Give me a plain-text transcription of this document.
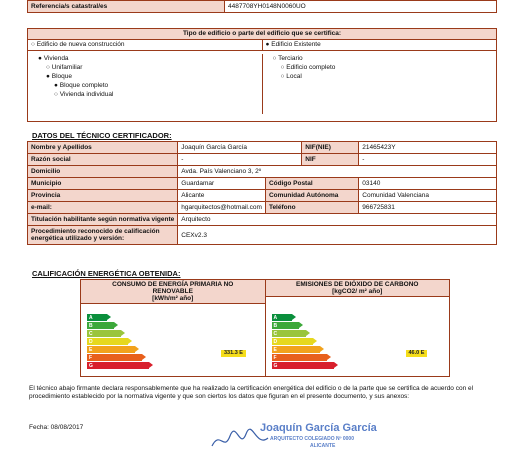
Referencia/s catastral/es	4487708YH0148N0060UO
Tipo de edificio o parte del edificio que se certifica:
○ Edificio de nueva construcción	● Edificio Existente
● Vivienda
○ Unifamiliar
● Bloque
● Bloque completo
○ Vivienda individual
○ Terciario
○ Edificio completo
○ Local
DATOS DEL TÉCNICO CERTIFICADOR:
Nombre y Apellidos	Joaquín García García		NIF(NIE)	21465423Y
Razón social	-		NIF	-
Domicilio	Avda. País Valenciano 3, 2º			
Municipio	Guardamar	Código Postal		03140
Provincia	Alicante	Comunidad Autónoma		Comunidad Valenciana
e-mail:	hgarquitectos@hotmail.com	Teléfono		966725831
Titulación habilitante según normativa vigente	Arquitecto			
Procedimiento reconocido de calificación energética utilizado y versión:	CEXv2.3			
CALIFICACIÓN ENERGÉTICA OBTENIDA:
CONSUMO DE ENERGÍA PRIMARIA NO RENOVABLE
[kWh/m² año]
A
B
C
D
E
F
G
331.3 E
EMISIONES DE DIÓXIDO DE CARBONO
[kgCO2/ m² año]
A
B
C
D
E
F
G
46.0 E
El técnico abajo firmante declara responsablemente que ha realizado la certificación energética del edificio o de la parte que se certifica de acuerdo con el procedimiento establecido por la normativa vigente y que son ciertos los datos que figuran en el presente documento, y sus anexos:
Fecha: 08/08/2017	Joaquín García García
ARQUITECTO COLEGIADO Nº 0000
ALICANTE
